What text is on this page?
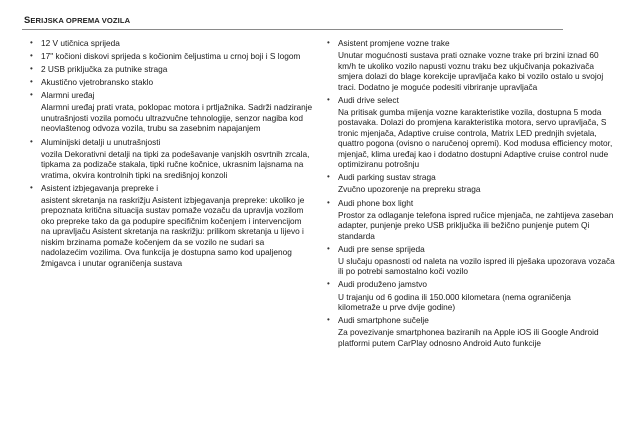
SERIJSKA OPREMA VOZILA
• 12 V utičnica sprijeda
• 17" kočioni diskovi sprijeda s kočionim čeljustima u crnoj boji i S logom
• 2 USB priključka za putnike straga
• Akustično vjetrobransko staklo
• Alarmni uređaj
Alarmni uređaj prati vrata, poklopac motora i prtljažnika. Sadrži nadziranje unutrašnjosti vozila pomoću ultrazvučne tehnologije, senzor nagiba kod neovlaštenog odvoza vozila, trubu sa zasebnim napajanjem
• Aluminijski detalji u unutrašnjosti
vozila Dekorativni detalji na tipki za podešavanje vanjskih osvrtnih zrcala, tipkama za podizače stakala, tipki ručne kočnice, ukrasnim lajsnama na vratima, okvira kontrolnih tipki na središnjoj konzoli
• Asistent izbjegavanja prepreke i
asistent skretanja na raskrižju Asistent izbjegavanja prepreke: ukoliko je prepoznata kritična situacija sustav pomaže vozaču da upravlja vozilom oko prepreke tako da ga podupire specifičnim kočenjem i intervencijom na upravljaču Asistent skretanja na raskrižju: prilikom skretanja u lijevo i niskim brzinama pomaže kočenjem da se vozilo ne sudari sa nadolazećim vozilima. Ova funkcija je dostupna samo kod upaljenog žmigavca i unutar ograničenja sustava
• Asistent promjene vozne trake
Unutar mogućnosti sustava prati oznake vozne trake pri brzini iznad 60 km/h te ukoliko vozilo napusti voznu traku bez ukjučivanja pokazivača smjera dolazi do blage korekcije upravljača kako bi vozilo ostalo u svojoj traci. Dodatno je moguće podesiti vibriranje upravljača
• Audi drive select
Na pritisak gumba mijenja vozne karakteristike vozila, dostupna 5 moda postavaka. Dolazi do promjena karakteristika motora, servo upravljača, S tronic mjenjača, Adaptive cruise controla, Matrix LED prednjih svjetala, quattro pogona (ovisno o naručenoj opremi). Kod modusa efficiency motor, mjenjač, klima uređaj kao i dodatno dostupni Adaptive cruise control nude optimiziranu potrošnju
• Audi parking sustav straga
Zvučno upozorenje na prepreku straga
• Audi phone box light
Prostor za odlaganje telefona ispred ručice mjenjača, ne zahtijeva zaseban adapter, punjenje preko USB priključka ili bežično punjenje putem Qi standarda
• Audi pre sense sprijeda
U slučaju opasnosti od naleta na vozilo ispred ili pješaka upozorava vozača ili po potrebi samostalno koči vozilo
• Audi produženo jamstvo
U trajanju od 6 godina ili 150.000 kilometara (nema ograničenja kilometraže u prve dvije godine)
• Audi smartphone sučelje
Za povezivanje smartphonea baziranih na Apple iOS ili Google Android platformi putem CarPlay odnosno Android Auto funkcije
